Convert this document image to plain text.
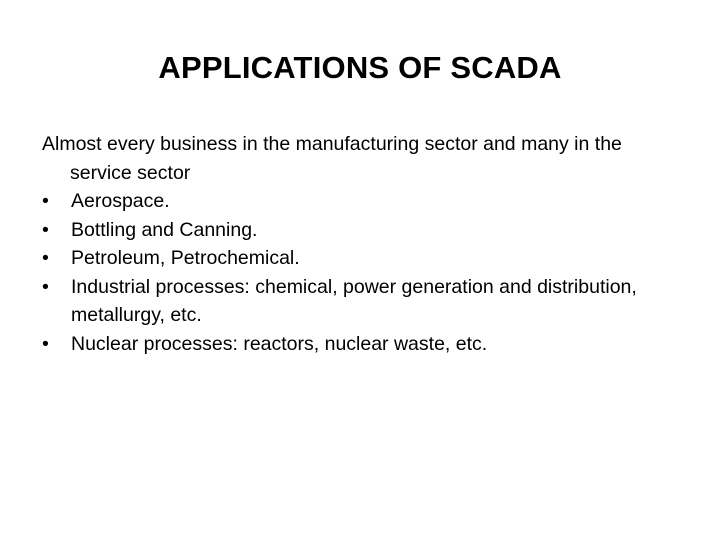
APPLICATIONS OF SCADA

Almost every business in the manufacturing sector and many in the service sector

•	Aerospace.
•	Bottling and Canning.
•	Petroleum, Petrochemical.
•	Industrial processes: chemical, power generation and distribution, metallurgy, etc.
•	Nuclear processes: reactors, nuclear waste, etc.
